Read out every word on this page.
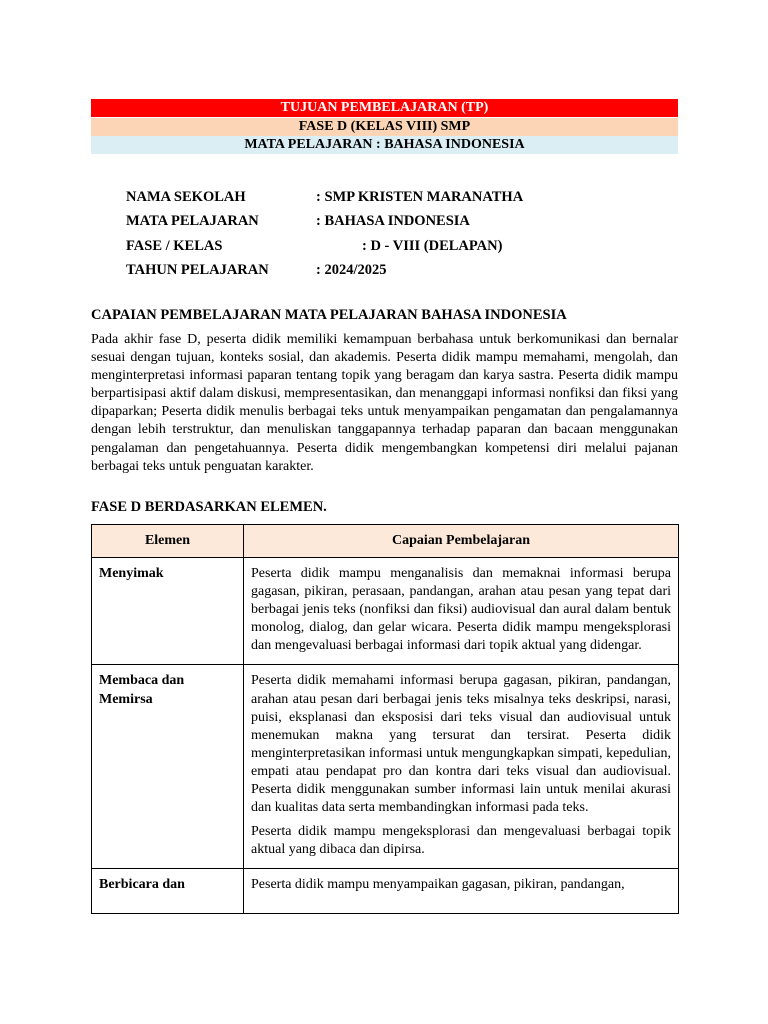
TUJUAN PEMBELAJARAN (TP)
FASE D (KELAS VIII) SMP
MATA PELAJARAN : BAHASA INDONESIA
NAMA SEKOLAH	: SMP KRISTEN MARANATHA
MATA PELAJARAN	: BAHASA INDONESIA
FASE / KELAS	: D - VIII (DELAPAN)
TAHUN PELAJARAN	: 2024/2025
CAPAIAN PEMBELAJARAN MATA PELAJARAN BAHASA INDONESIA
Pada akhir fase D, peserta didik memiliki kemampuan berbahasa untuk berkomunikasi dan bernalar sesuai dengan tujuan, konteks sosial, dan akademis. Peserta didik mampu memahami, mengolah, dan menginterpretasi informasi paparan tentang topik yang beragam dan karya sastra. Peserta didik mampu berpartisipasi aktif dalam diskusi, mempresentasikan, dan menanggapi informasi nonfiksi dan fiksi yang dipaparkan; Peserta didik menulis berbagai teks untuk menyampaikan pengamatan dan pengalamannya dengan lebih terstruktur, dan menuliskan tanggapannya terhadap paparan dan bacaan menggunakan pengalaman dan pengetahuannya. Peserta didik mengembangkan kompetensi diri melalui pajanan berbagai teks untuk penguatan karakter.
FASE D BERDASARKAN ELEMEN.
Elemen	Capaian Pembelajaran
Menyimak	Peserta didik mampu menganalisis dan memaknai informasi berupa gagasan, pikiran, perasaan, pandangan, arahan atau pesan yang tepat dari berbagai jenis teks (nonfiksi dan fiksi) audiovisual dan aural dalam bentuk monolog, dialog, dan gelar wicara. Peserta didik mampu mengeksplorasi dan mengevaluasi berbagai informasi dari topik aktual yang didengar.

Membaca dan Memirsa	Peserta didik memahami informasi berupa gagasan, pikiran, pandangan, arahan atau pesan dari berbagai jenis teks misalnya teks deskripsi, narasi, puisi, eksplanasi dan eksposisi dari teks visual dan audiovisual untuk menemukan makna yang tersurat dan tersirat. Peserta didik menginterpretasikan informasi untuk mengungkapkan simpati, kepedulian, empati atau pendapat pro dan kontra dari teks visual dan audiovisual. Peserta didik menggunakan sumber informasi lain untuk menilai akurasi dan kualitas data serta membandingkan informasi pada teks.

Peserta didik mampu mengeksplorasi dan mengevaluasi berbagai topik aktual yang dibaca dan dipirsa.

Berbicara dan	Peserta didik mampu menyampaikan gagasan, pikiran, pandangan,
